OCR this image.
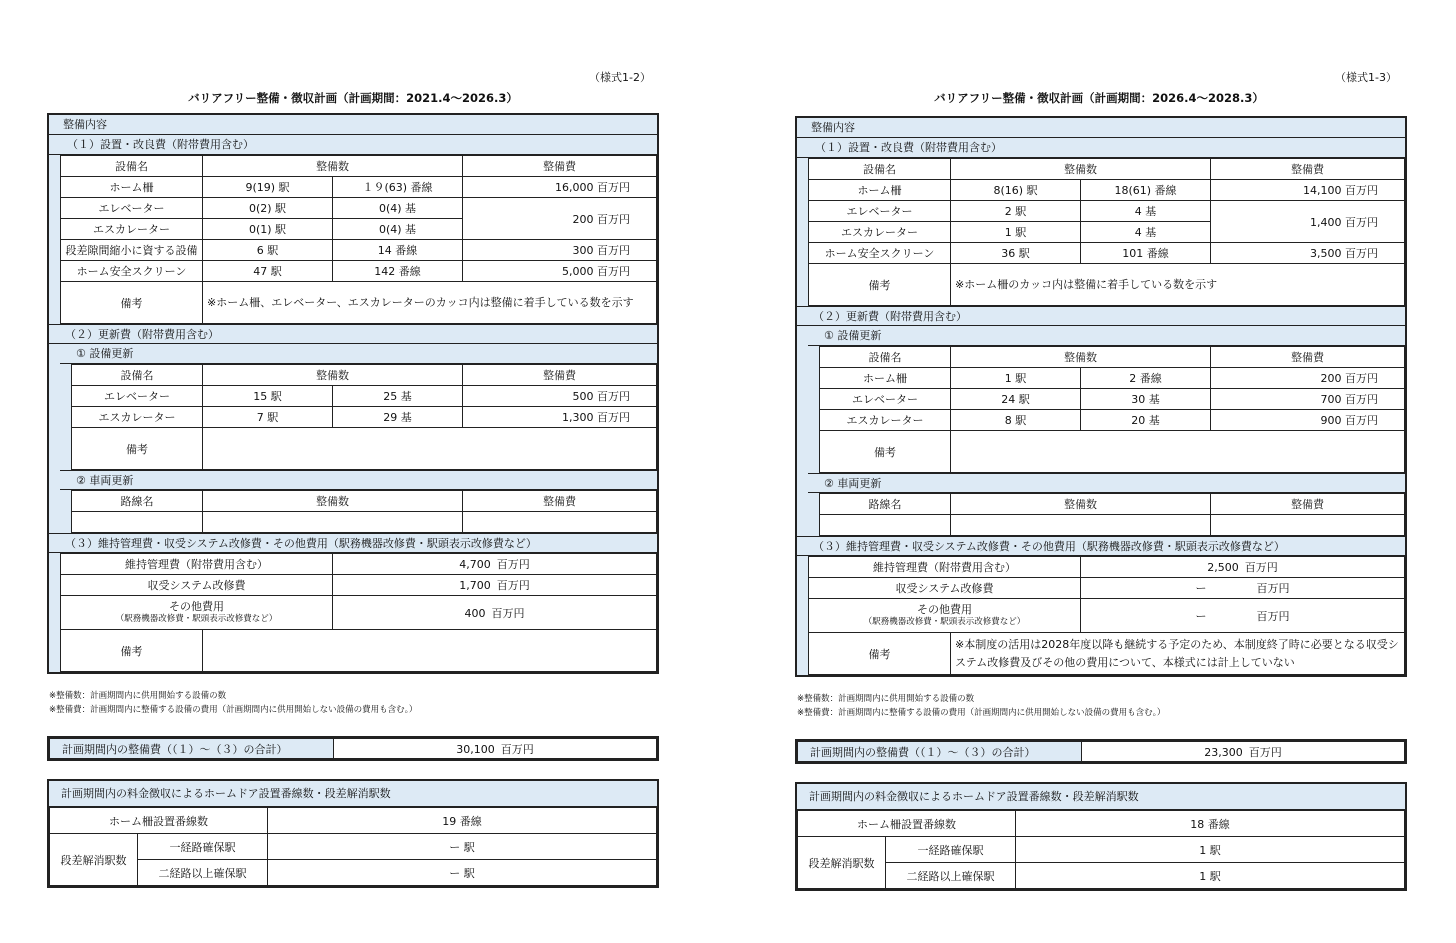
（様式1-2）
バリアフリー整備・徴収計画（計画期間：2021.4～2026.3）
整備内容
（１）設置・改良費（附帯費用含む）
設備名	整備数		整備費
ホーム柵	9(19) 駅	１９(63) 番線	16,000 百万円
エレベーター	0(2) 駅	0(4) 基	200 百万円
エスカレーター	0(1) 駅	0(4) 基	
段差隙間縮小に資する設備	6 駅	14 番線	300 百万円
ホーム安全スクリーン	47 駅	142 番線	5,000 百万円
備考	※ホーム柵、エレベーター、エスカレーターのカッコ内は整備に着手している数を示す		
（２）更新費（附帯費用含む）
① 設備更新
設備名	整備数		整備費
エレベーター	15 駅	25 基	500 百万円
エスカレーター	7 駅	29 基	1,300 百万円
備考			
② 車両更新
路線名	整備数	整備費

（３）維持管理費・収受システム改修費・その他費用（駅務機器改修費・駅頭表示改修費など）
維持管理費（附帯費用含む）		4,700 百万円
収受システム改修費		1,700 百万円

その他費用
（駅務機器改修費・駅頭表示改修費など）		400 百万円
備考		
※整備数：計画期間内に供用開始する設備の数
※整備費：計画期間内に整備する設備の費用（計画期間内に供用開始しない設備の費用も含む。）
計画期間内の整備費（（１）～（３）の合計）	30,100 百万円
計画期間内の料金徴収によるホームドア設置番線数・段差解消駅数
ホーム柵設置番線数		19 番線
段差解消駅数	一経路確保駅	ー 駅
	二経路以上確保駅	ー 駅
（様式1-3）
バリアフリー整備・徴収計画（計画期間：2026.4～2028.3）
整備内容
（１）設置・改良費（附帯費用含む）
設備名	整備数		整備費
ホーム柵	8(16) 駅	18(61) 番線	14,100 百万円
エレベーター	2 駅	4 基	1,400 百万円
エスカレーター	1 駅	4 基	
ホーム安全スクリーン	36 駅	101 番線	3,500 百万円
備考	※ホーム柵のカッコ内は整備に着手している数を示す		
（２）更新費（附帯費用含む）
① 設備更新
設備名	整備数		整備費
ホーム柵	1 駅	2 番線	200 百万円
エレベーター	24 駅	30 基	700 百万円
エスカレーター	8 駅	20 基	900 百万円
備考			
② 車両更新
路線名	整備数	整備費

（３）維持管理費・収受システム改修費・その他費用（駅務機器改修費・駅頭表示改修費など）
維持管理費（附帯費用含む）		2,500 百万円
収受システム改修費		ー 百万円

その他費用
（駅務機器改修費・駅頭表示改修費など）		ー 百万円
備考	※本制度の活用は2028年度以降も継続する予定のため、本制度終了時に必要となる収受システム改修費及びその他の費用について、本様式には計上していない	
※整備数：計画期間内に供用開始する設備の数
※整備費：計画期間内に整備する設備の費用（計画期間内に供用開始しない設備の費用も含む。）
計画期間内の整備費（（１）～（３）の合計）	23,300 百万円
計画期間内の料金徴収によるホームドア設置番線数・段差解消駅数
ホーム柵設置番線数		18 番線
段差解消駅数	一経路確保駅	1 駅
	二経路以上確保駅	1 駅
